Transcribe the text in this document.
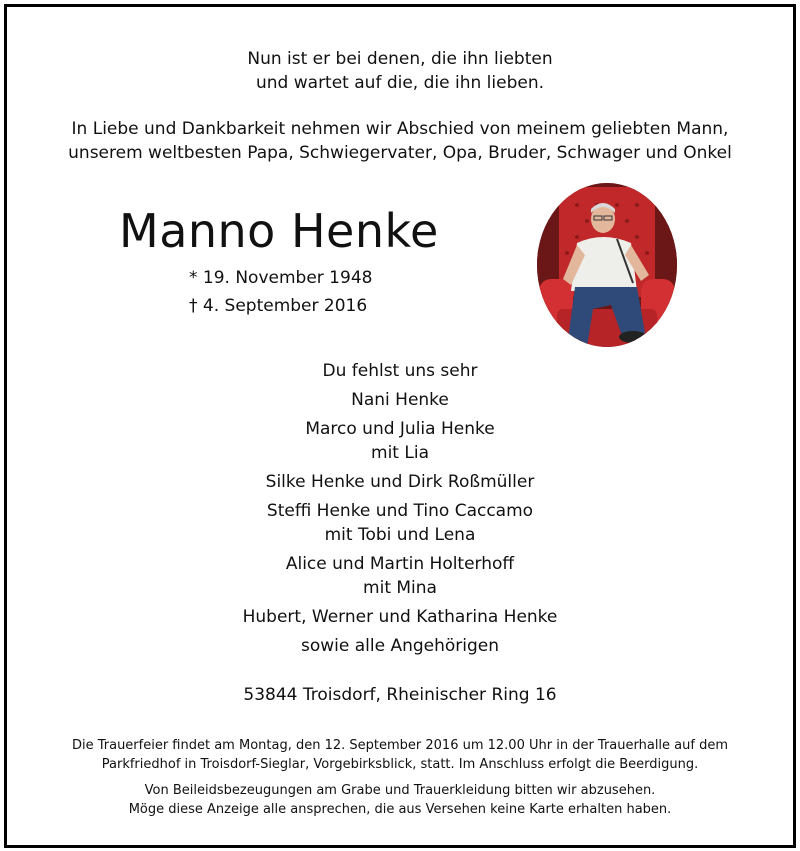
Nun ist er bei denen, die ihn liebten
und wartet auf die, die ihn lieben.
In Liebe und Dankbarkeit nehmen wir Abschied von meinem geliebten Mann,
unserem weltbesten Papa, Schwiegervater, Opa, Bruder, Schwager und Onkel
Manno Henke
* 19. November 1948
† 4. September 2016
Du fehlst uns sehr
Nani Henke
Marco und Julia Henke
mit Lia
Silke Henke und Dirk Roßmüller
Steffi Henke und Tino Caccamo
mit Tobi und Lena
Alice und Martin Holterhoff
mit Mina
Hubert, Werner und Katharina Henke
sowie alle Angehörigen
53844 Troisdorf, Rheinischer Ring 16
Die Trauerfeier findet am Montag, den 12. September 2016 um 12.00 Uhr in der Trauerhalle auf dem
Parkfriedhof in Troisdorf-Sieglar, Vorgebirksblick, statt. Im Anschluss erfolgt die Beerdigung.
Von Beileidsbezeugungen am Grabe und Trauerkleidung bitten wir abzusehen.
Möge diese Anzeige alle ansprechen, die aus Versehen keine Karte erhalten haben.
